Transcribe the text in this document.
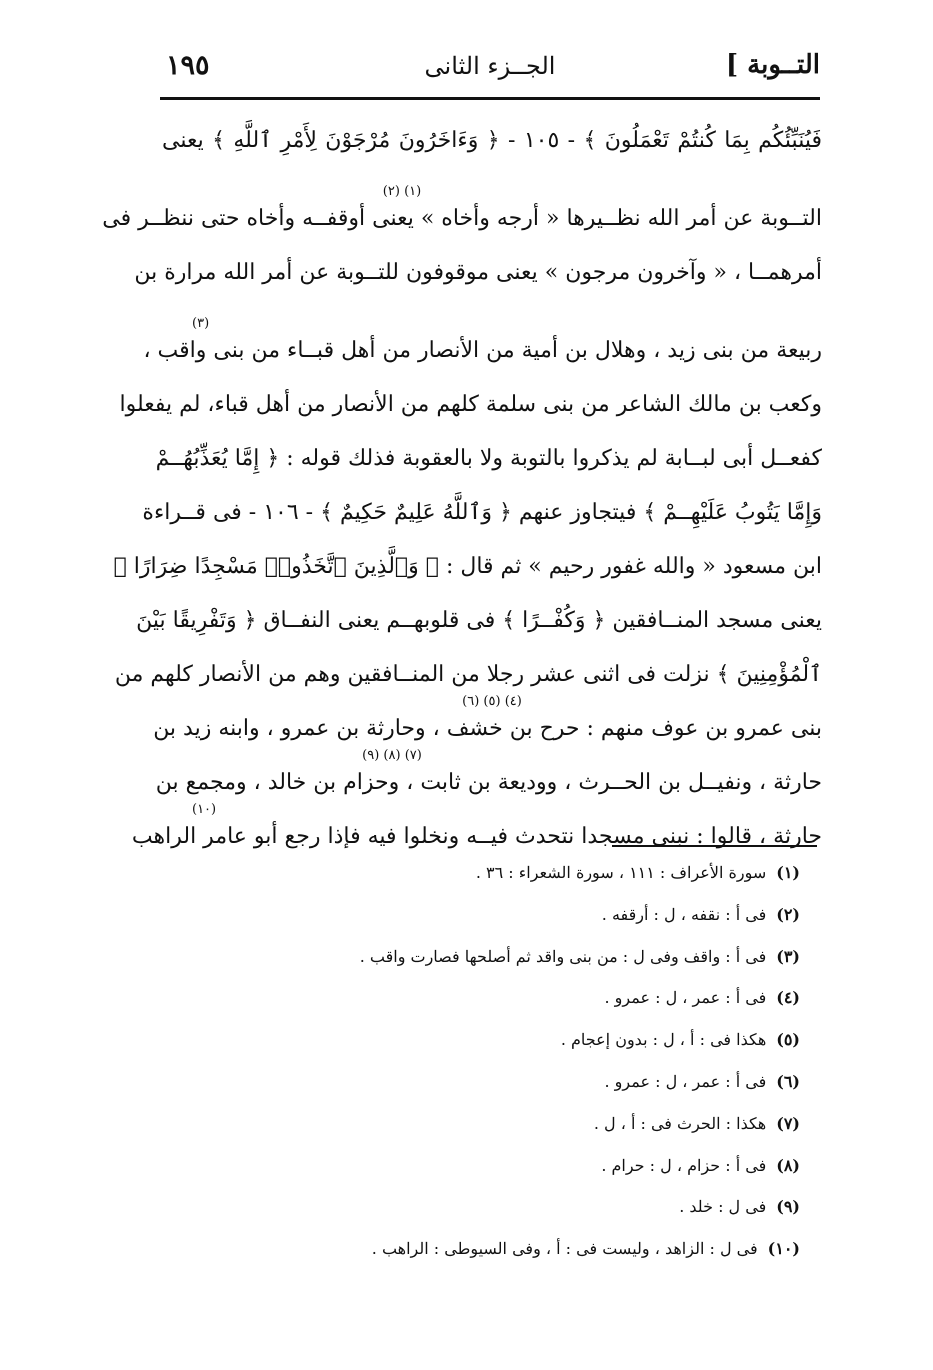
١٩٥	الجــزء الثانى	التــوبة ]
فَيُنَبِّئُكُم بِمَا كُنتُمْ تَعْمَلُونَ ﴾ - ١٠٥ - ﴿ وَءَاخَرُونَ مُرْجَوْنَ لِأَمْرِ ٱللَّهِ ﴾ يعنى
(١) (٢)
التــوبة عن أمر الله نظــيرها « أرجه وأخاه » يعنى أوقفــه وأخاه حتى ننظــر فى
أمرهمــا ، « وآخرون مرجون » يعنى موقوفون للتــوبة عن أمر الله مرارة بن
(٣)
ربيعة من بنى زيد ، وهلال بن أمية من الأنصار من أهل قبــاء من بنى واقب ،
وكعب بن مالك الشاعر من بنى سلمة كلهم من الأنصار من أهل قباء، لم يفعلوا
كفعــل أبى لبــابة لم يذكروا بالتوبة ولا بالعقوبة فذلك قوله : ﴿ إِمَّا يُعَذِّبُهُــمْ
وَإِمَّا يَتُوبُ عَلَيْهِــمْ ﴾ فيتجاوز عنهم ﴿ وَٱللَّهُ عَلِيمٌ حَكِيمٌ ﴾ - ١٠٦ - فى قــراءة
ابن مسعود « والله غفور رحيم » ثم قال : ﴿ وَٱلَّذِينَ ٱتَّخَذُوا۟ مَسْجِدًا ضِرَارًا ﴾
يعنى مسجد المنــافقين ﴿ وَكُفْــرًا ﴾ فى قلوبهــم يعنى النفــاق ﴿ وَتَفْرِيقًا بَيْنَ
ٱلْمُؤْمِنِينَ ﴾ نزلت فى اثنى عشر رجلا من المنــافقين وهم من الأنصار كلهم من
(٤) (٥) (٦)
بنى عمرو بن عوف منهم : حرح بن خشف ، وحارثة بن عمرو ، وابنه زيد بن
(٧) (٨) (٩)
حارثة ، ونفيــل بن الحــرث ، ووديعة بن ثابت ، وحزام بن خالد ، ومجمع بن
(١٠)
حارثة ، قالوا : نبنى مسجدا نتحدث فيــه ونخلوا فيه فإذا رجع أبو عامر الراهب
(١)سورة الأعراف : ١١١ ، سورة الشعراء : ٣٦ .
(٢)فى أ : نقفه ، ل : أرقفه .
(٣)فى أ : واقف وفى ل : من بنى واقد ثم أصلحها فصارت واقب .
(٤)فى أ : عمر ، ل : عمرو .
(٥)هكذا فى : أ ، ل : بدون إعجام .
(٦)فى أ : عمر ، ل : عمرو .
(٧)هكذا : الحرث فى : أ ، ل .
(٨)فى أ : حزام ، ل : حرام .
(٩)فى ل : خلد .
(١٠)فى ل : الزاهد ، وليست فى : أ ، وفى السيوطى : الراهب .
